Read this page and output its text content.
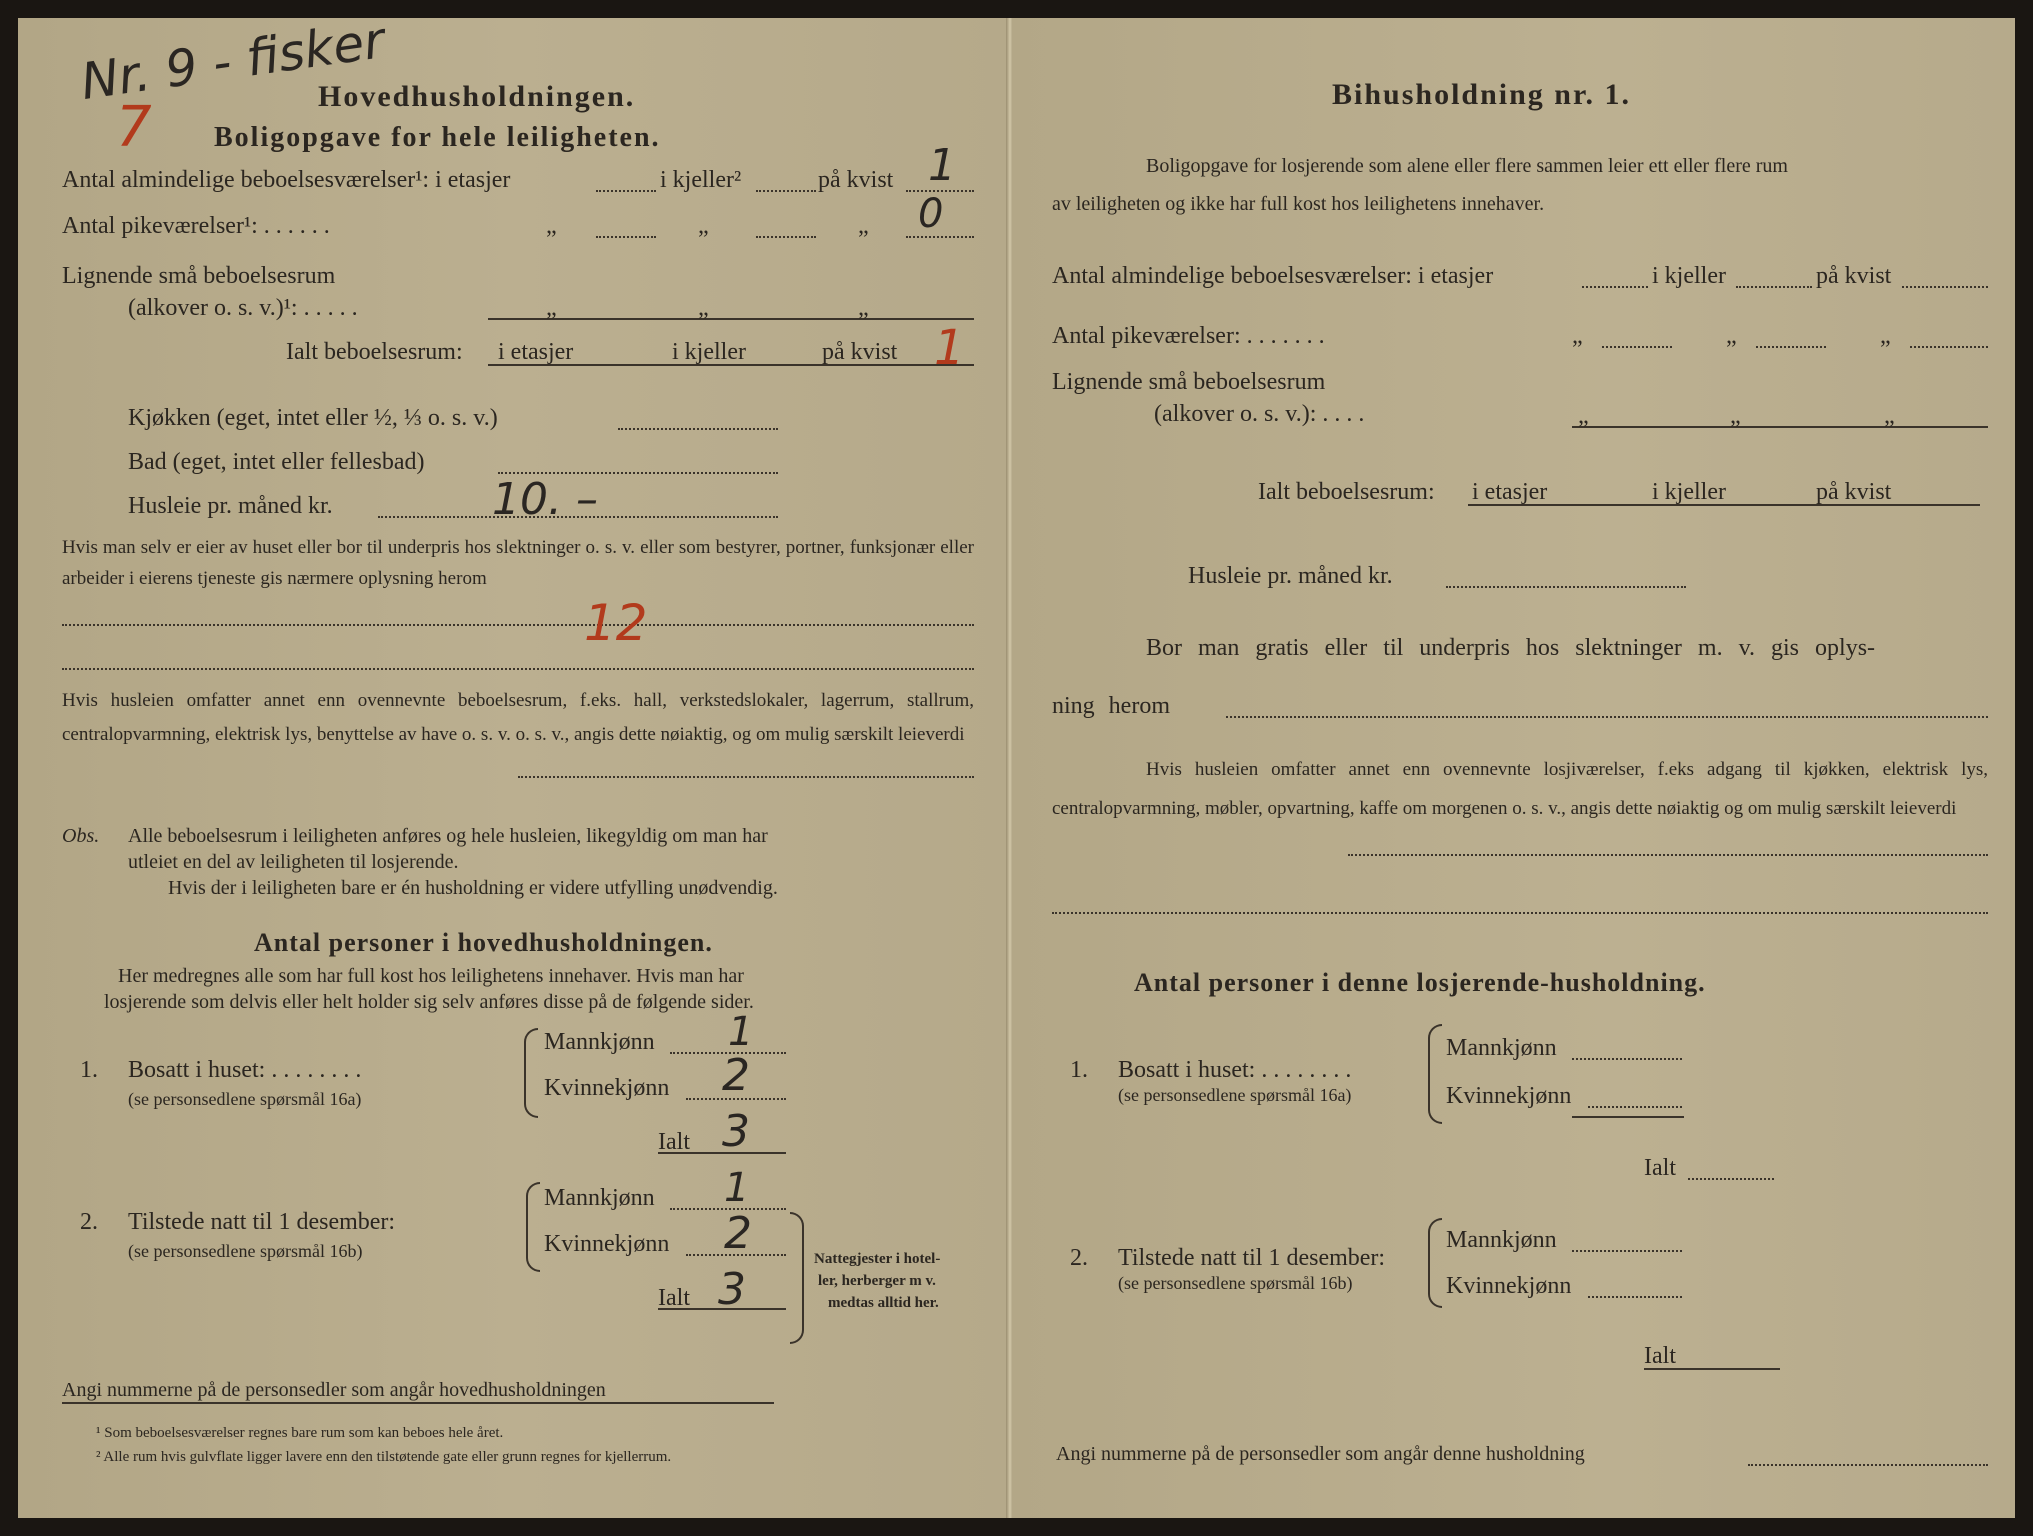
Nr. 9 - fisker
7	Hovedhusholdningen.
Boligopgave for hele leiligheten.
Antal almindelige beboelsesværelser¹: i etasjer	i kjeller²	på kvist 1
Antal pikeværelser¹: . . . . . .	„	„	„ 0
Lignende små beboelsesrum
(alkover o. s. v.)¹: . . . . .	„	„	„
Ialt beboelsesrum: i etasjer	i kjeller	på kvist 1
Kjøkken (eget, intet eller ½, ⅓ o. s. v.)
Bad (eget, intet eller fellesbad)
Husleie pr. måned kr.	10. –
Hvis man selv er eier av huset eller bor til underpris hos slektninger o. s. v. eller som bestyrer, portner, funksjonær eller arbeider i eierens tjeneste gis nærmere oplysning herom
12
Hvis husleien omfatter annet enn ovennevnte beboelsesrum, f.eks. hall, verkstedslokaler, lagerrum, stallrum, centralopvarmning, elektrisk lys, benyttelse av have o. s. v. o. s. v., angis dette nøiaktig, og om mulig særskilt leieverdi
Obs. Alle beboelsesrum i leiligheten anføres og hele husleien, likegyldig om man har
utleiet en del av leiligheten til losjerende.
Hvis der i leiligheten bare er én husholdning er videre utfylling unødvendig.
Antal personer i hovedhusholdningen.
Her medregnes alle som har full kost hos leilighetens innehaver. Hvis man har
losjerende som delvis eller helt holder sig selv anføres disse på de følgende sider.
1. Bosatt i huset: . . . . . . . .
(se personsedlene spørsmål 16a)
Mannkjønn 1
Kvinnekjønn 2
Ialt 3
2. Tilstede natt til 1 desember:
(se personsedlene spørsmål 16b)
Mannkjønn 1
Kvinnekjønn 2
Ialt 3
Nattegjester i hotel-
ler, herberger m v.
medtas alltid her.
Angi nummerne på de personsedler som angår hovedhusholdningen
¹ Som beboelsesværelser regnes bare rum som kan beboes hele året.
² Alle rum hvis gulvflate ligger lavere enn den tilstøtende gate eller grunn regnes for kjellerrum.
Bihusholdning nr. 1.
Boligopgave for losjerende som alene eller flere sammen leier ett eller flere rum
av leiligheten og ikke har full kost hos leilighetens innehaver.
Antal almindelige beboelsesværelser: i etasjer	i kjeller	på kvist
Antal pikeværelser: . . . . . . .	„	„	„
Lignende små beboelsesrum
(alkover o. s. v.): . . . .	„	„	„
Ialt beboelsesrum: i etasjer	i kjeller	på kvist
Husleie pr. måned kr.
Bor man gratis eller til underpris hos slektninger m. v. gis oplys-
ning herom
Hvis husleien omfatter annet enn ovennevnte losjiværelser, f.eks adgang til kjøkken, elektrisk lys, centralopvarmning, møbler, opvartning, kaffe om morgenen o. s. v., angis dette nøiaktig og om mulig særskilt leieverdi
Antal personer i denne losjerende-husholdning.
1. Bosatt i huset: . . . . . . . .
(se personsedlene spørsmål 16a)
Mannkjønn
Kvinnekjønn
Ialt
2. Tilstede natt til 1 desember:
(se personsedlene spørsmål 16b)
Mannkjønn
Kvinnekjønn
Ialt
Angi nummerne på de personsedler som angår denne husholdning
